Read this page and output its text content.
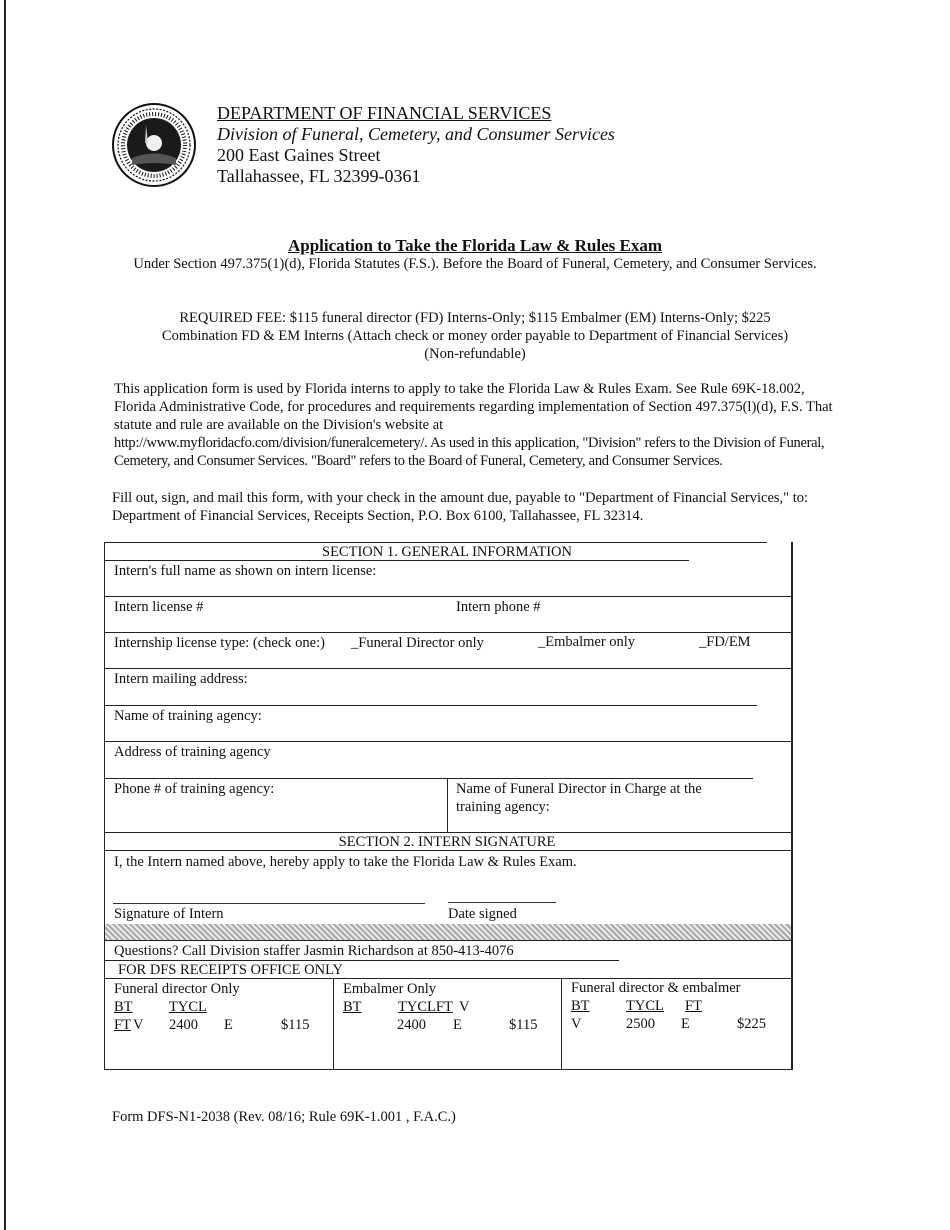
DEPARTMENT OF FINANCIAL SERVICES
Division of Funeral, Cemetery, and Consumer Services
200 East Gaines Street
Tallahassee, FL 32399-0361
Application to Take the Florida Law & Rules Exam
Under Section 497.375(1)(d), Florida Statutes (F.S.). Before the Board of Funeral, Cemetery, and Consumer Services.
REQUIRED FEE: $115 funeral director (FD) Interns-Only; $115 Embalmer (EM) Interns-Only; $225 Combination FD & EM Interns (Attach check or money order payable to Department of Financial Services) (Non-refundable)
This application form is used by Florida interns to apply to take the Florida Law & Rules Exam. See Rule 69K-18.002, Florida Administrative Code, for procedures and requirements regarding implementation of Section 497.375(l)(d), F.S. That statute and rule are available on the Division's website at
http://www.myfloridacfo.com/division/funeralcemetery/. As used in this application, "Division" refers to the Division of Funeral, Cemetery, and Consumer Services. "Board" refers to the Board of Funeral, Cemetery, and Consumer Services.
Fill out, sign, and mail this form, with your check in the amount due, payable to "Department of Financial Services," to: Department of Financial Services, Receipts Section, P.O. Box 6100, Tallahassee, FL 32314.
SECTION 1. GENERAL INFORMATION
Intern's full name as shown on intern license:
Intern license #	Intern phone #
Internship license type: (check one:) _Funeral Director only	_Embalmer only	_FD/EM
Intern mailing address:
Name of training agency:
Address of training agency
Phone # of training agency:	Name of Funeral Director in Charge at the training agency:
SECTION 2. INTERN SIGNATURE
I, the Intern named above, hereby apply to take the Florida Law & Rules Exam.
Signature of Intern	Date signed
Questions? Call Division staffer Jasmin Richardson at 850-413-4076
FOR DFS RECEIPTS OFFICE ONLY
Funeral director Only
BT	TYCL
FT V 2400 E	$115
Embalmer Only
BT	TYCLFT V
2400 E	$115
Funeral director & embalmer
BT	TYCL FT
V	2500 E	$225
Form DFS-N1-2038 (Rev. 08/16; Rule 69K-1.001 , F.A.C.)
